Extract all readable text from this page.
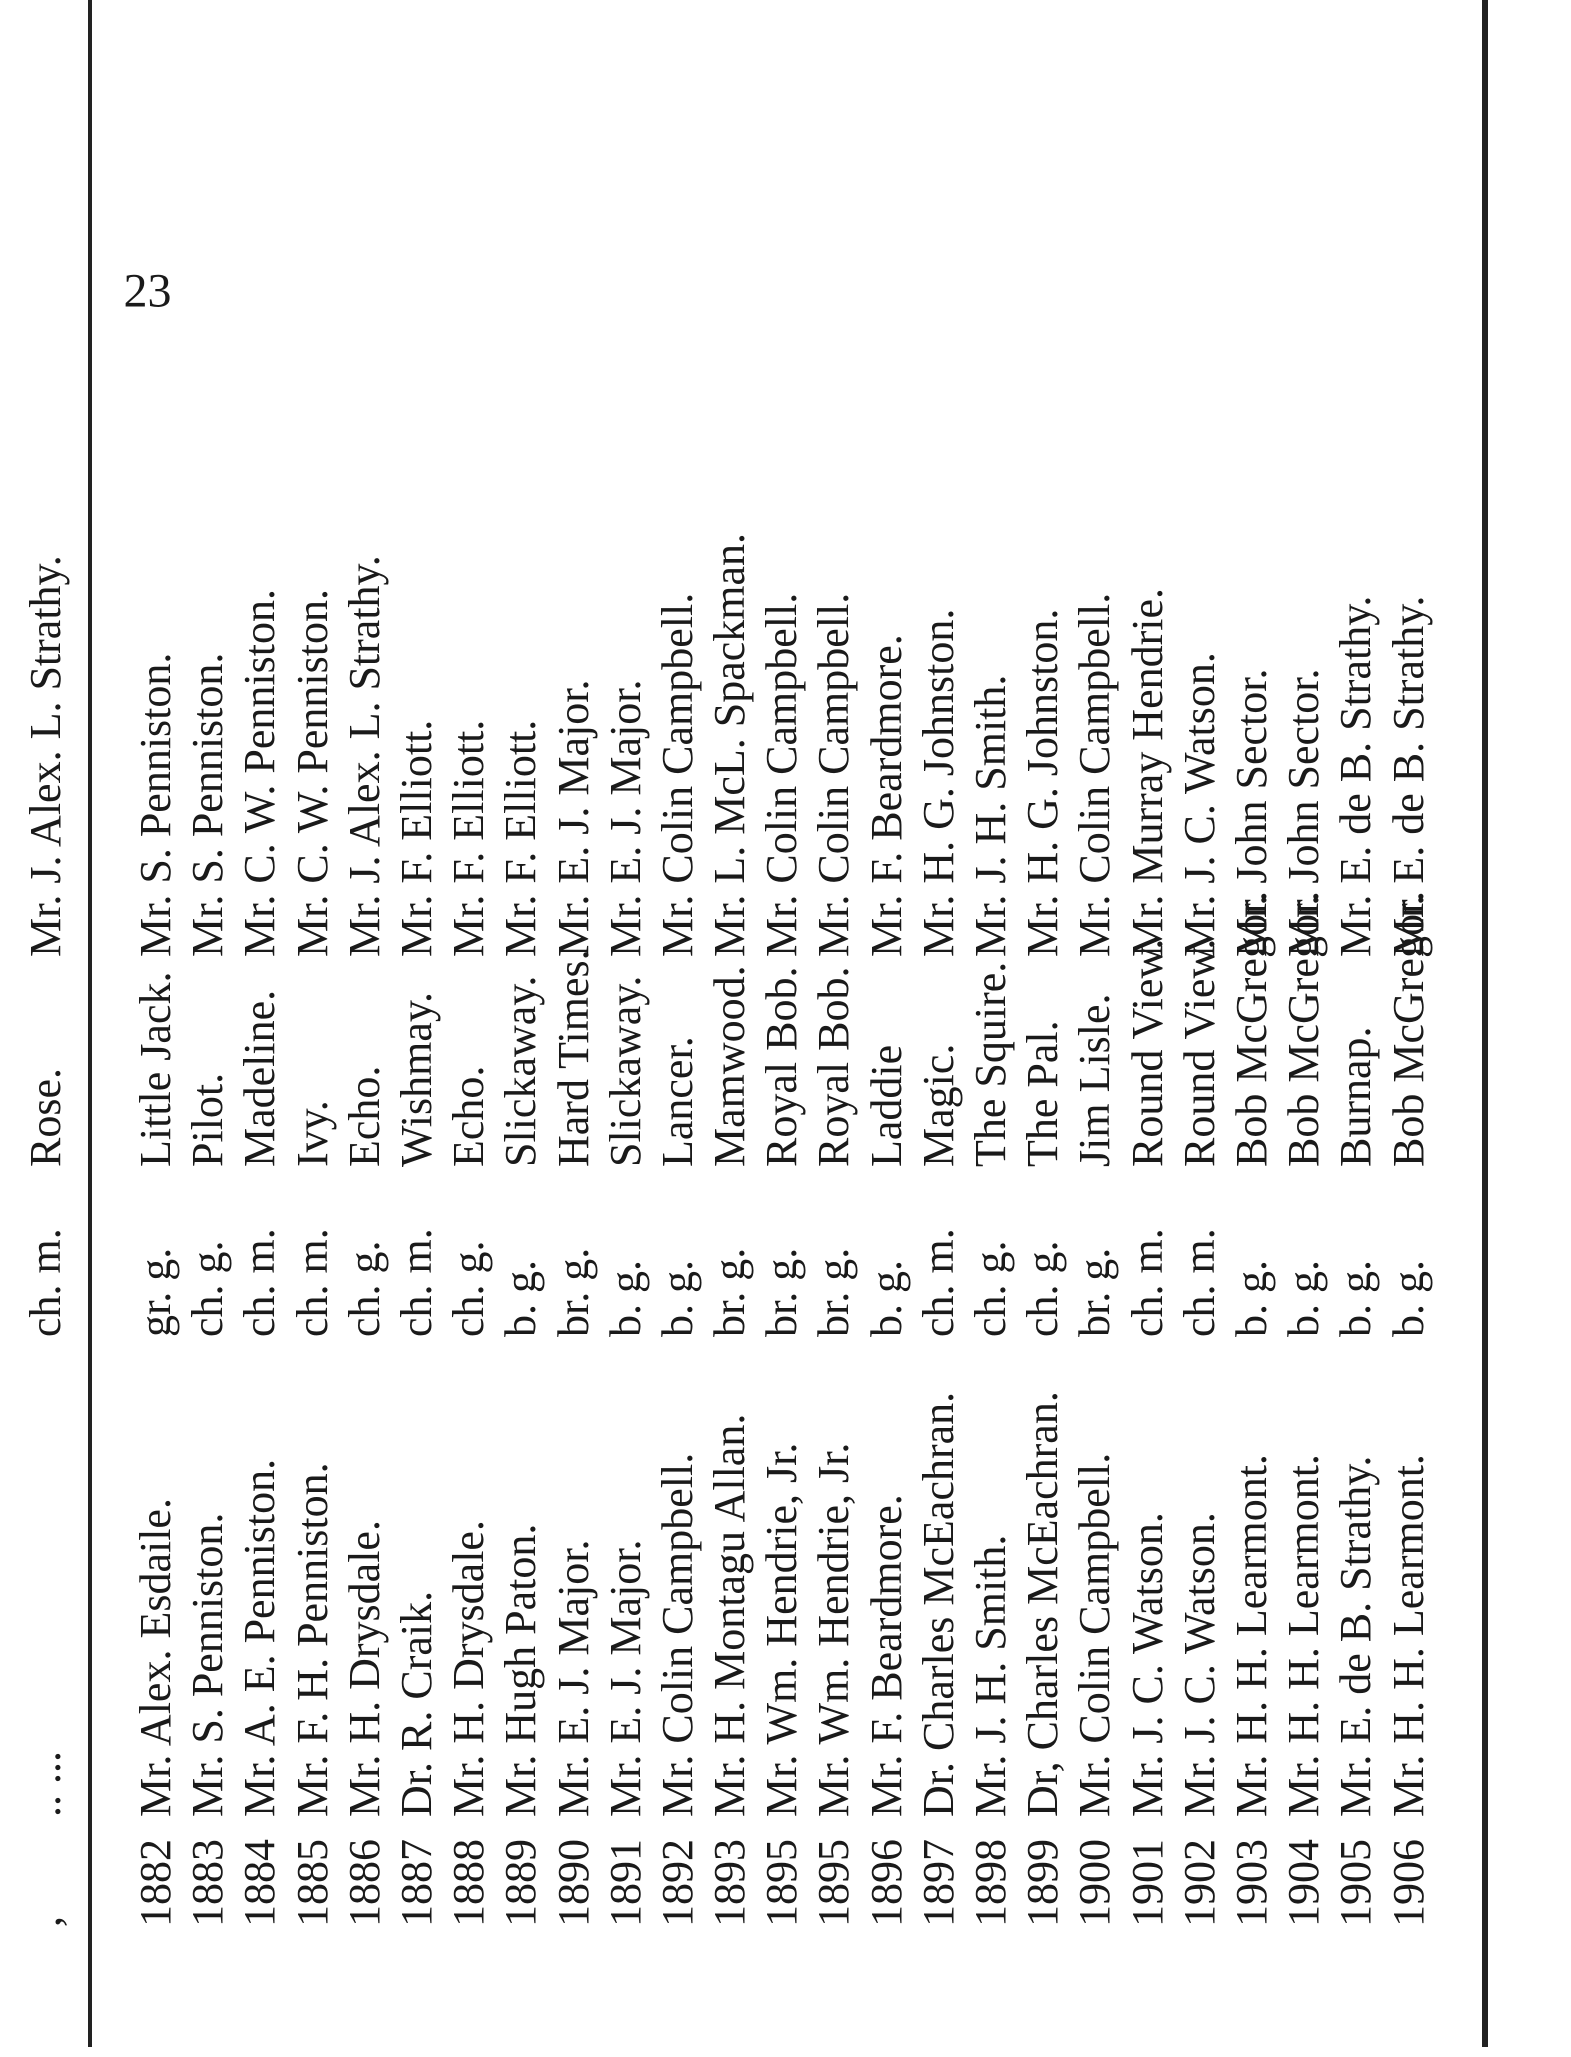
23
,
.. ...
ch. m.
Rose.
Mr. J. Alex. L. Strathy.
1882
Mr. Alex. Esdaile.
gr. g.
Little Jack.
Mr. S. Penniston.
1883
Mr. S. Penniston.
ch. g.
Pilot.
Mr. S. Penniston.
1884
Mr. A. E. Penniston.
ch. m.
Madeline.
Mr. C. W. Penniston.
1885
Mr. F. H. Penniston.
ch. m.
Ivy.
Mr. C. W. Penniston.
1886
Mr. H. Drysdale.
ch. g.
Echo.
Mr. J. Alex. L. Strathy.
1887
Dr. R. Craik.
ch. m.
Wishmay.
Mr. F. Elliott.
1888
Mr. H. Drysdale.
ch. g.
Echo.
Mr. F. Elliott.
1889
Mr. Hugh Paton.
b. g.
Slickaway.
Mr. F. Elliott.
1890
Mr. E. J. Major.
br. g.
Hard Times.
Mr. E. J. Major.
1891
Mr. E. J. Major.
b. g.
Slickaway.
Mr. E. J. Major.
1892
Mr. Colin Campbell.
b. g.
Lancer.
Mr. Colin Campbell.
1893
Mr. H. Montagu Allan.
br. g.
Mamwood.
Mr. L. McL. Spackman.
1895
Mr. Wm. Hendrie, Jr.
br. g.
Royal Bob.
Mr. Colin Campbell.
1895
Mr. Wm. Hendrie, Jr.
br. g.
Royal Bob.
Mr. Colin Campbell.
1896
Mr. F. Beardmore.
b. g.
Laddie
Mr. F. Beardmore.
1897
Dr. Charles McEachran.
ch. m.
Magic.
Mr. H. G. Johnston.
1898
Mr. J. H. Smith.
ch. g.
The Squire.
Mr. J. H. Smith.
1899
Dr, Charles McEachran.
ch. g.
The Pal.
Mr. H. G. Johnston.
1900
Mr. Colin Campbell.
br. g.
Jim Lisle.
Mr. Colin Campbell.
1901
Mr. J. C. Watson.
ch. m.
Round View.
Mr. Murray Hendrie.
1902
Mr. J. C. Watson.
ch. m.
Round View.
Mr. J. C. Watson.
1903
Mr. H. H. Learmont.
b. g.
Bob McGregor.
Mr. John Sector.
1904
Mr. H. H. Learmont.
b. g.
Bob McGregor.
Mr. John Sector.
1905
Mr. E. de B. Strathy.
b. g.
Burnap.
Mr. E. de B. Strathy.
1906
Mr. H. H. Learmont.
b. g.
Bob McGregor.
Mr. E. de B. Strathy.
